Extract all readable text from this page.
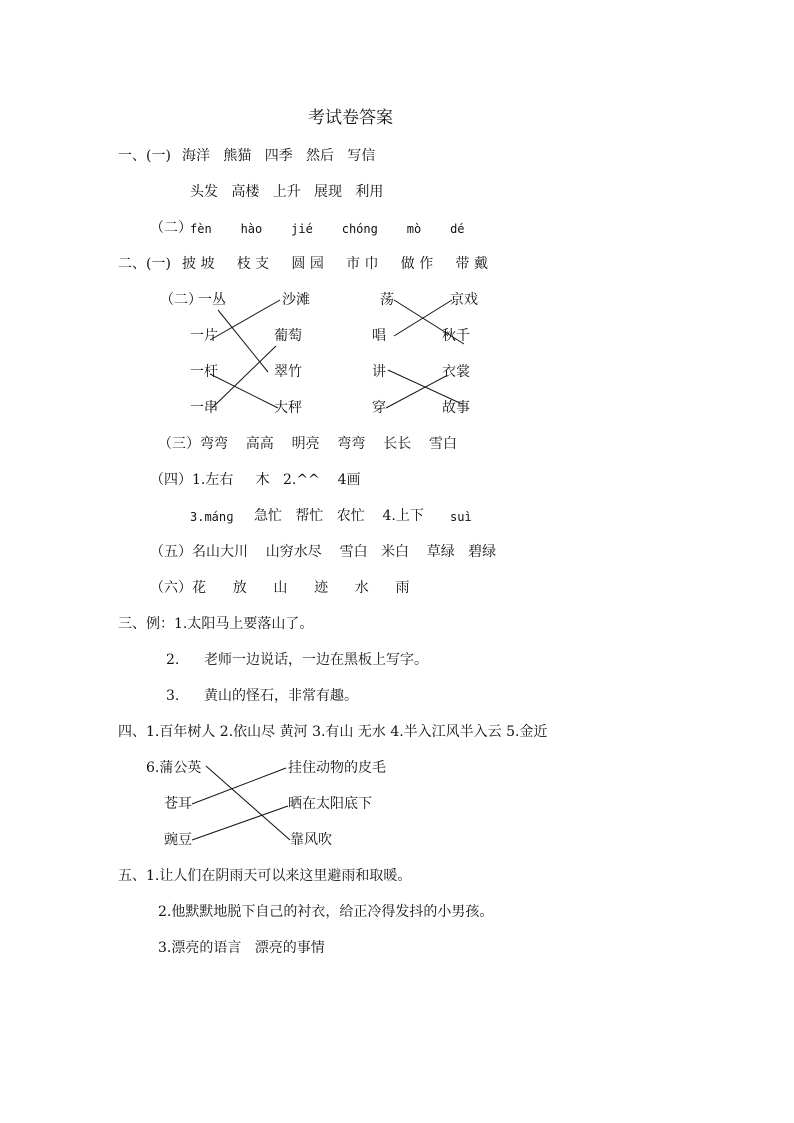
考试卷答案
一、(一) 海洋   熊猫   四季   然后   写信
头发   高楼   上升   展现   利用
（二）
fèn    hào    jié    chóng    mò    dé
二、(一) 披 坡     枝 支     圆 园     市 巾     做 作     带 戴
（二）
一丛
一片
一杆
一串
沙滩
葡萄
翠竹
大秤
荡
唱
讲
穿
京戏
秋千
衣裳
故事
（三）弯弯    高高    明亮    弯弯    长长    雪白
（四）1.左右     木   2.^^    4画
3.mánɡ 急忙   帮忙   农忙    4.上下 suì
（五）名山大川    山穷水尽    雪白   米白    草绿   碧绿
（六）花      放      山      迹      水      雨
三、例：1.太阳马上要落山了。
2. 老师一边说话，一边在黑板上写字。
3. 黄山的怪石，非常有趣。
四、1.百年树人 2.依山尽 黄河 3.有山 无水 4.半入江风半入云 5.金近
6.蒲公英
苍耳
豌豆
挂住动物的皮毛
晒在太阳底下
靠风吹
五、1.让人们在阴雨天可以来这里避雨和取暖。
2.他默默地脱下自己的衬衣，给正冷得发抖的小男孩。
3.漂亮的语言   漂亮的事情
